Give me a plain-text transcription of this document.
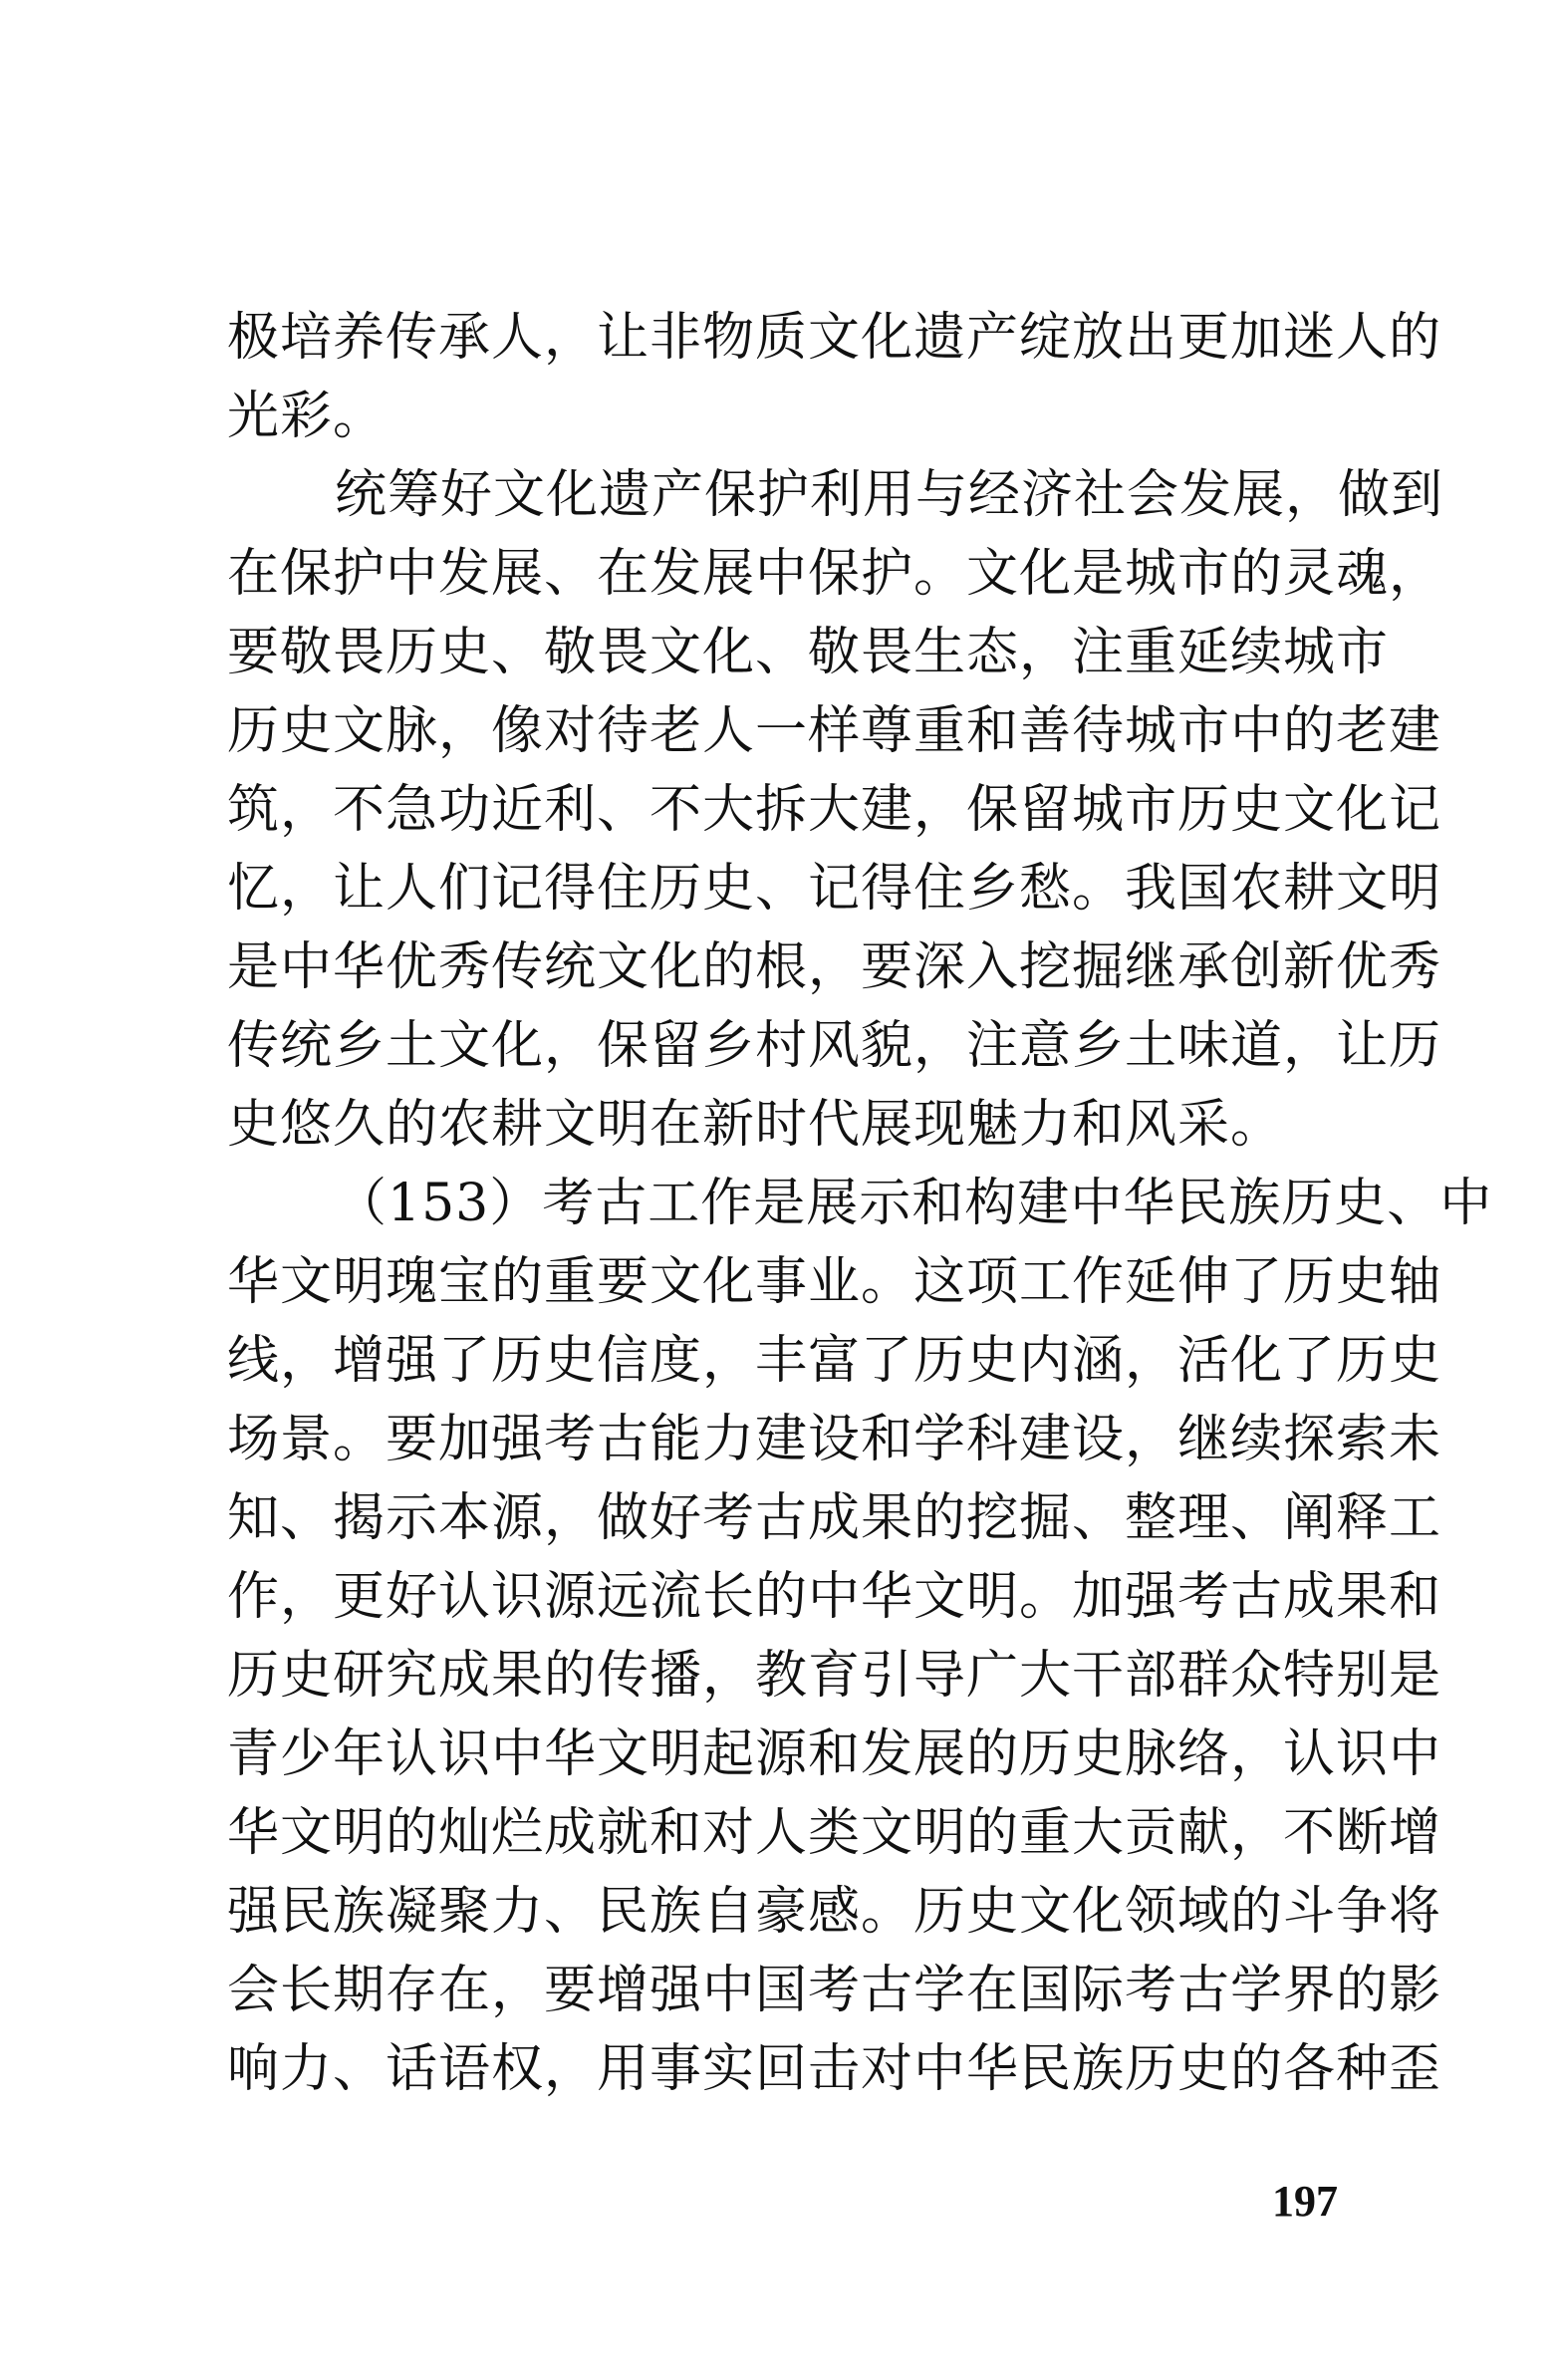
极培养传承人，让非物质文化遗产绽放出更加迷人的
光彩。
统筹好文化遗产保护利用与经济社会发展，做到
在保护中发展、在发展中保护。文化是城市的灵魂，
要敬畏历史、敬畏文化、敬畏生态，注重延续城市
历史文脉，像对待老人一样尊重和善待城市中的老建
筑，不急功近利、不大拆大建，保留城市历史文化记
忆，让人们记得住历史、记得住乡愁。我国农耕文明
是中华优秀传统文化的根，要深入挖掘继承创新优秀
传统乡土文化，保留乡村风貌，注意乡土味道，让历
史悠久的农耕文明在新时代展现魅力和风采。
（153）考古工作是展示和构建中华民族历史、中
华文明瑰宝的重要文化事业。这项工作延伸了历史轴
线，增强了历史信度，丰富了历史内涵，活化了历史
场景。要加强考古能力建设和学科建设，继续探索未
知、揭示本源，做好考古成果的挖掘、整理、阐释工
作，更好认识源远流长的中华文明。加强考古成果和
历史研究成果的传播，教育引导广大干部群众特别是
青少年认识中华文明起源和发展的历史脉络，认识中
华文明的灿烂成就和对人类文明的重大贡献，不断增
强民族凝聚力、民族自豪感。历史文化领域的斗争将
会长期存在，要增强中国考古学在国际考古学界的影
响力、话语权，用事实回击对中华民族历史的各种歪
197
